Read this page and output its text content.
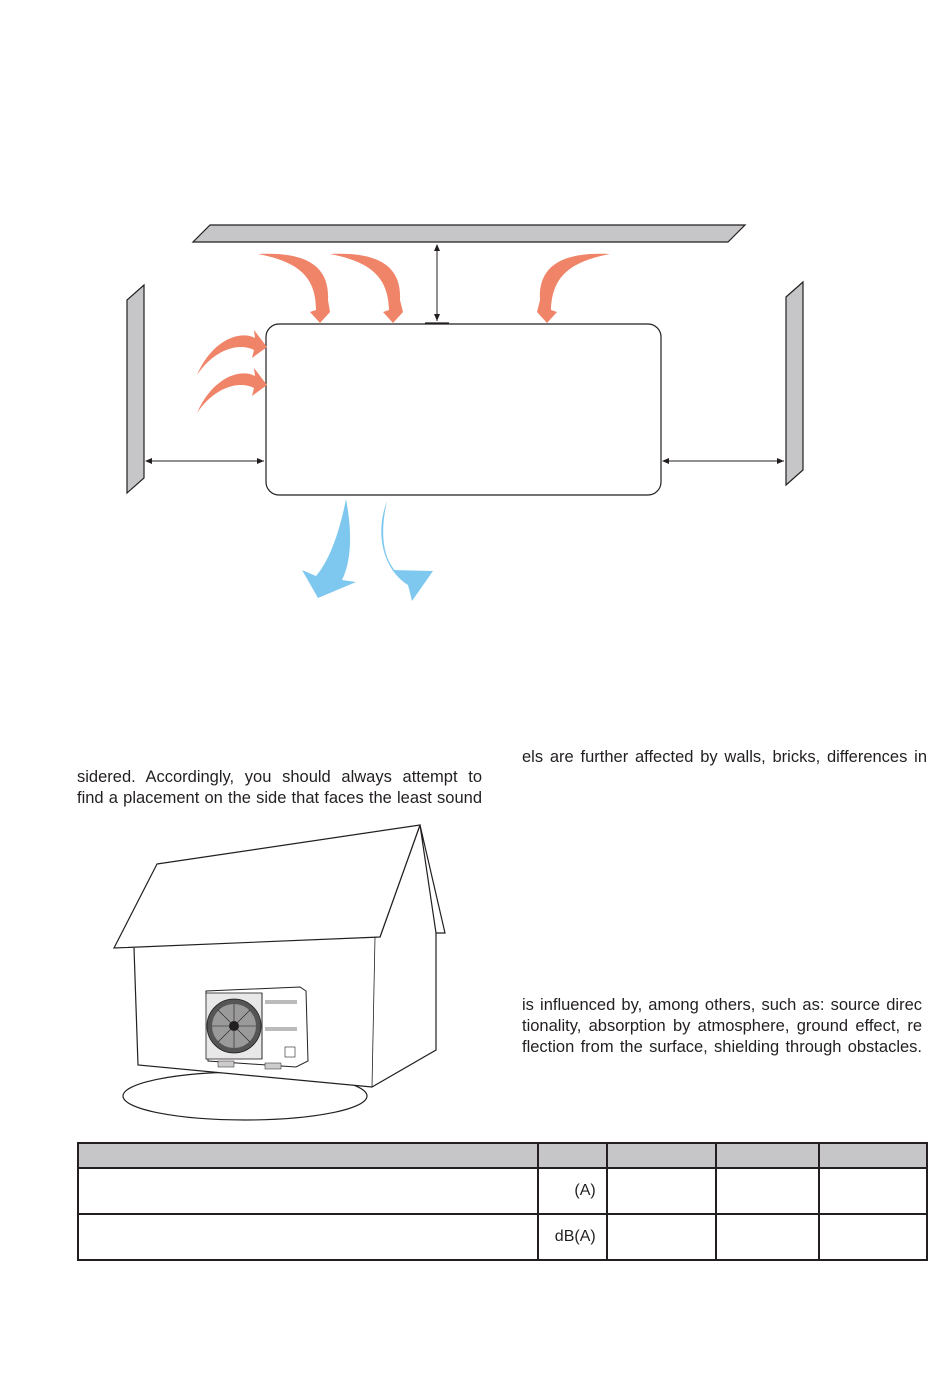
sidered. Accordingly, you should always attempt to
find a placement on the side that faces the least sound
els are further affected by walls, bricks, differences in
is influenced by, among others, such as: source direc
tionality, absorption by atmosphere, ground effect, re
flection from the surface, shielding through obstacles.

	(A)			
	dB(A)			
